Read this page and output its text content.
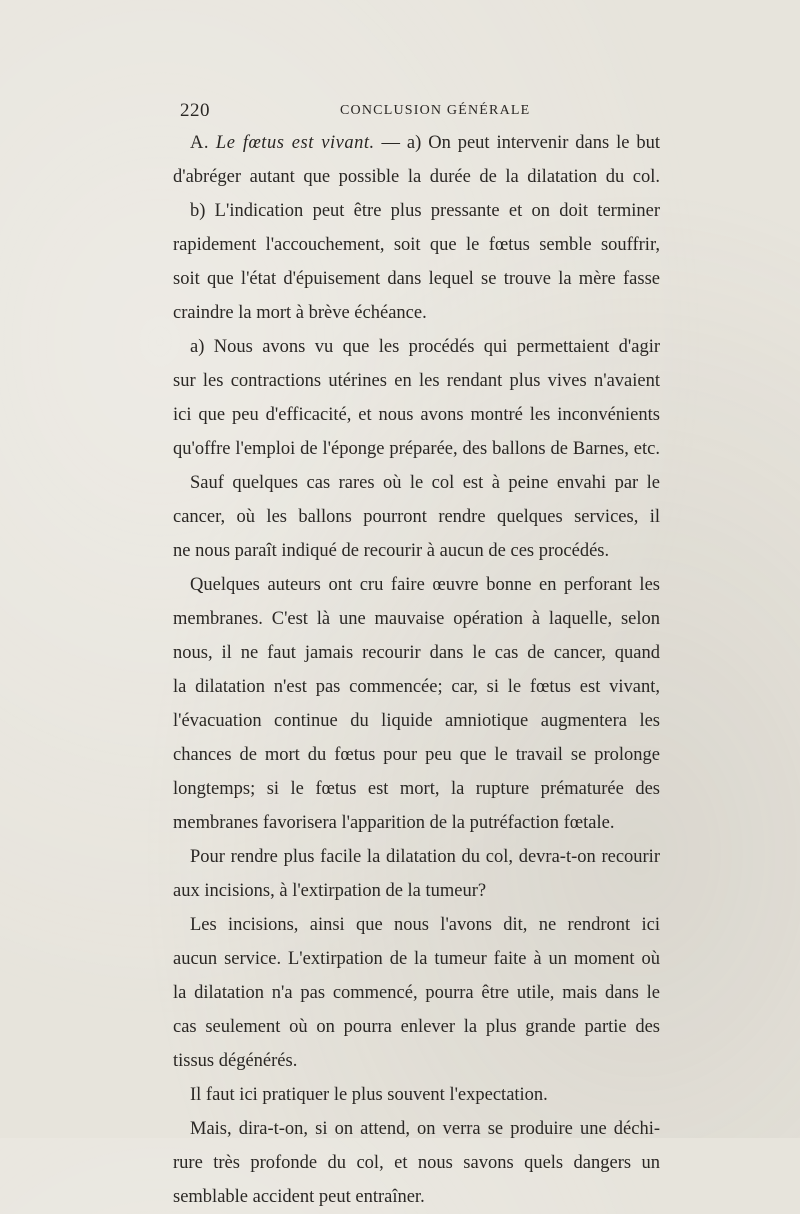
220	CONCLUSION GÉNÉRALE
A. Le fœtus est vivant. — a) On peut intervenir dans le but
d'abréger autant que possible la durée de la dilatation du col.
b) L'indication peut être plus pressante et on doit terminer
rapidement l'accouchement, soit que le fœtus semble souffrir,
soit que l'état d'épuisement dans lequel se trouve la mère fasse
craindre la mort à brève échéance.
a) Nous avons vu que les procédés qui permettaient d'agir
sur les contractions utérines en les rendant plus vives n'avaient
ici que peu d'efficacité, et nous avons montré les inconvénients
qu'offre l'emploi de l'éponge préparée, des ballons de Barnes, etc.
Sauf quelques cas rares où le col est à peine envahi par le
cancer, où les ballons pourront rendre quelques services, il
ne nous paraît indiqué de recourir à aucun de ces procédés.
Quelques auteurs ont cru faire œuvre bonne en perforant les
membranes. C'est là une mauvaise opération à laquelle, selon
nous, il ne faut jamais recourir dans le cas de cancer, quand
la dilatation n'est pas commencée; car, si le fœtus est vivant,
l'évacuation continue du liquide amniotique augmentera les
chances de mort du fœtus pour peu que le travail se prolonge
longtemps; si le fœtus est mort, la rupture prématurée des
membranes favorisera l'apparition de la putréfaction fœtale.
Pour rendre plus facile la dilatation du col, devra-t-on recourir
aux incisions, à l'extirpation de la tumeur?
Les incisions, ainsi que nous l'avons dit, ne rendront ici
aucun service. L'extirpation de la tumeur faite à un moment où
la dilatation n'a pas commencé, pourra être utile, mais dans le
cas seulement où on pourra enlever la plus grande partie des
tissus dégénérés.
Il faut ici pratiquer le plus souvent l'expectation.
Mais, dira-t-on, si on attend, on verra se produire une déchi-
rure très profonde du col, et nous savons quels dangers un
semblable accident peut entraîner.
